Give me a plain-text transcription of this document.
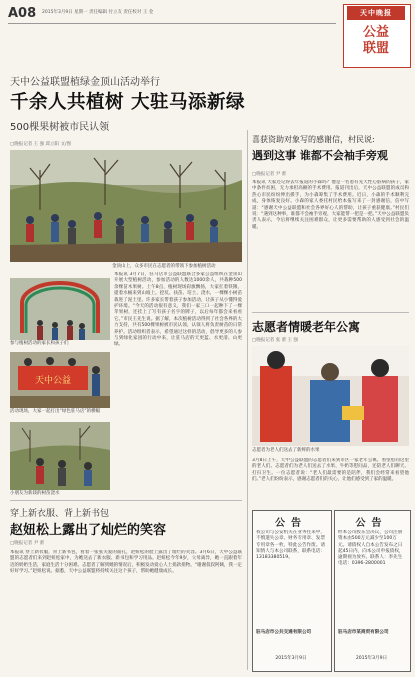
A08 2015年3月9日 星期一 责任编辑 付立友 责任校对 王 金	天中晚报
公益
联盟
天中公益联盟植绿金顶山活动举行
千余人共植树 大驻马添新绿
500棵果树被市民认领
□晚报记者 王 强 邱立阳 文/图
金顶山上，众多市民在志愿者的带领下参加植树活动
参与植树活动的家长和孩子们
天中公益
活动现场，大家一起打出“绿色驻马店”的横幅
小朋友为新栽的树苗浇水
本报讯 3月7日，驻马店市公益联盟联合多家公益组织在金顶山开展大型植树活动，参加活动的人数达1000余人，共栽种500余棵苗木果树。上午8点，植树现场彩旗飘扬，大家扛着铁锹、提着水桶来到山坡上。挖坑、扶苗、培土、浇水，一棵棵小树苗栽进了泥土里。许多家长带着孩子参加活动，让孩子从小懂得爱护环境。“今天的活动很有意义，我们一家三口一起种下了一棵苹果树，还挂上了写有孩子名字的牌子，以后每年都会来看看它。”市民王先生说。据了解，本次植树活动得到了社会各界的大力支持，共有500棵果树被市民认领，认领人将负责树苗的日常养护。活动组织者表示，希望通过这样的活动，倡导更多的人参与到绿化家园的行动中来，让驻马店的天更蓝、水更清、山更绿。
穿上新衣服、背上新书包
赵妞松上露出了灿烂的笑容
□晚报记者 尹 蕾
本报讯 穿上新衣服，背上新书包，看着一张张关爱的面孔，赵妞松的脸上露出了灿烂的笑容。3月6日，天中公益联盟的志愿者们来到赵妞松家中，为她送去了新衣服、新书包和学习用品。赵妞松今年9岁，父母离异，她一直跟着年迈的奶奶生活，家庭生活十分困难。志愿者了解到她的情况后，积极发动爱心人士捐款捐物。“谢谢叔叔阿姨，我一定好好学习。”赵妞松说。据悉，天中公益联盟将持续关注这个孩子，帮助她健康成长。
喜获资助对象写的感谢信，村民说:
遇到这事 谁都不会袖手旁观
□晚报记者 尹 蕾
本报讯 大家还记得去年报道的小森吗？他是一名患有先天性心脏病的孩子，家中条件贫困，无力承担高额的手术费用。报道刊出后，天中公益联盟的成员和热心市民纷纷伸出援手，为小森筹集了手术费用。近日，小森的手术顺利完成，身体恢复良好。小森的家人委托村民给本报写来了一封感谢信，信中写道：“感谢天中公益联盟和社会各界好心人的帮助，让孩子重获健康。”村民们说：“遇到这种事，谁都不会袖手旁观，大家能帮一把是一把。”天中公益联盟负责人表示，今后将继续关注困难群众，让更多需要帮助的人感受到社会的温暖。
志愿者情暖老年公寓
□晚报记者 张 蕾 王 强
志愿者为老人们送去了新鲜的水果
3月8日上午，天中公益联盟的志愿者们来到市区一家老年公寓，看望慰问这里的老人们。志愿者们为老人们送去了水果、牛奶等慰问品，还陪老人们聊天、打扫卫生。一位志愿者说：“老人们最需要的是陪伴，我们会经常来看望他们。”老人们纷纷表示，感谢志愿者们的关心，让他们感受到了家的温暖。
公告
我公司与公安机关在业务往来中，不慎遗失公章、财务专用章、发票专用章各一枚，特此公告作废。请知情人与本公司联系，联系电话：13183380519。
驻马店市公共交通有限公司
2015年3月9日
公告
经本公司股东会决议，公司注册资本由500万元减少至100万元。请债权人自本公告发布之日起45日内，向本公司申报债权，逾期视为放弃。联系人：李先生 电话：0396-2800001
驻马店市某商贸有限公司
2015年3月9日
